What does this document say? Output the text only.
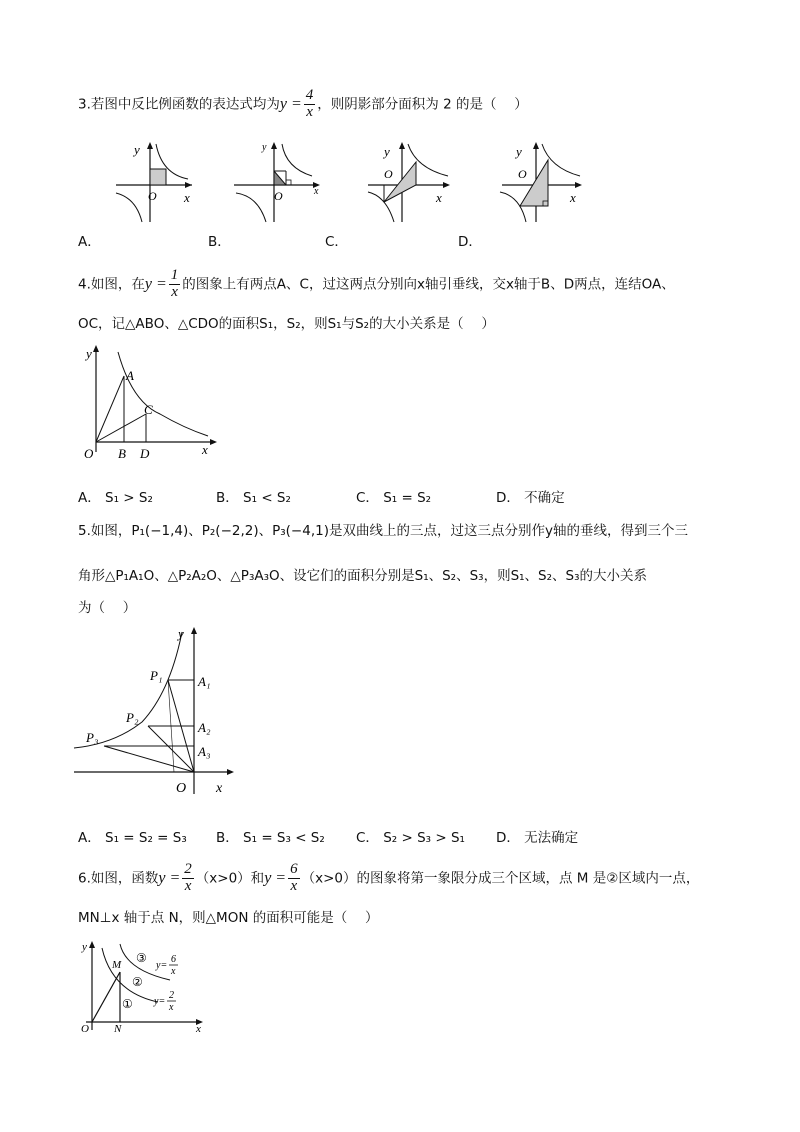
3.若图中反比例函数的表达式均为$y = \frac{4}{x}$ ，则阴影部分面积为 2 的是（　 ）
y
x
O
y
x
O
y
x
O
y
x
O
A．	B．	C．	D．
4.如图，在$y = \frac{1}{x}$ 的图象上有两点A、C，过这两点分别向x轴引垂线，交x轴于B、D两点，连结OA、
OC，记△ABO、△CDO的面积S₁，S₂，则S₁与S₂的大小关系是（　 ）
y
x
O
A
B
C
D
A． S₁ > S₂	B． S₁ < S₂	C． S₁ = S₂	D． 不确定
5.如图，P₁(−1,4)、P₂(−2,2)、P₃(−4,1)是双曲线上的三点，过这三点分别作y轴的垂线，得到三个三
角形△P₁A₁O、△P₂A₂O、△P₃A₃O、设它们的面积分别是S₁、S₂、S₃，则S₁、S₂、S₃的大小关系
为（　 ）
y
x
O
P₁
P₂
P₃
A₁
A₂
A₃
A． S₁ = S₂ = S₃ B． S₁ = S₃ < S₂ C． S₂ > S₃ > S₁ D． 无法确定
6.如图，函数$y = \frac{2}{x} (x>0)$和$y = \frac{6}{x} (x>0)$的图象将第一象限分成三个区域，点 M 是②区域内一点，
MN⊥x 轴于点 N，则△MON 的面积可能是（　 ）
y
x
O
M
N
③
②
①
y=
6
x
y=
2
x
